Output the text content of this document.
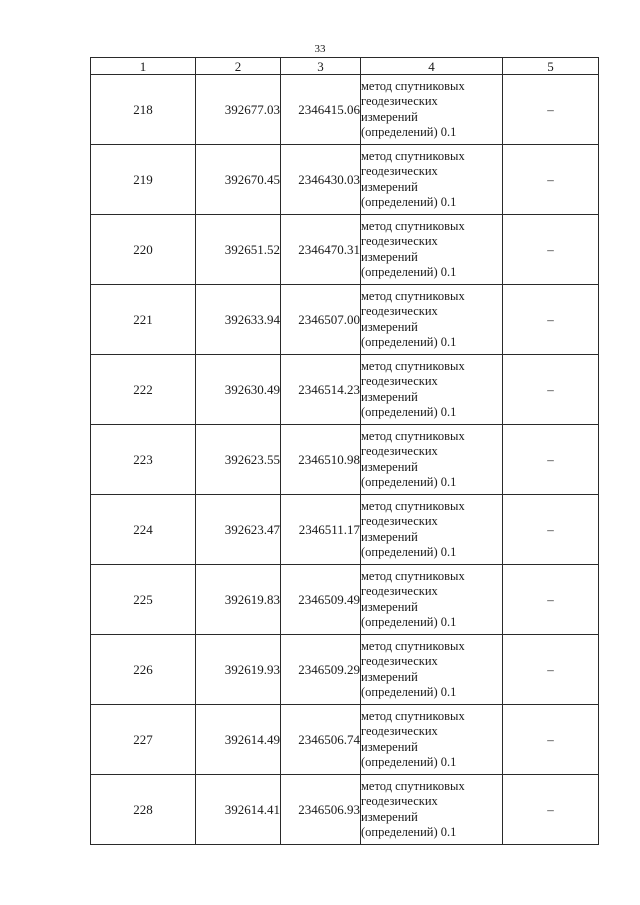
33
1	2	3	4	5
218	392677.03	2346415.06	метод спутниковых
геодезических
измерений
(определений) 0.1	–
219	392670.45	2346430.03	метод спутниковых
геодезических
измерений
(определений) 0.1	–
220	392651.52	2346470.31	метод спутниковых
геодезических
измерений
(определений) 0.1	–
221	392633.94	2346507.00	метод спутниковых
геодезических
измерений
(определений) 0.1	–
222	392630.49	2346514.23	метод спутниковых
геодезических
измерений
(определений) 0.1	–
223	392623.55	2346510.98	метод спутниковых
геодезических
измерений
(определений) 0.1	–
224	392623.47	2346511.17	метод спутниковых
геодезических
измерений
(определений) 0.1	–
225	392619.83	2346509.49	метод спутниковых
геодезических
измерений
(определений) 0.1	–
226	392619.93	2346509.29	метод спутниковых
геодезических
измерений
(определений) 0.1	–
227	392614.49	2346506.74	метод спутниковых
геодезических
измерений
(определений) 0.1	–
228	392614.41	2346506.93	метод спутниковых
геодезических
измерений
(определений) 0.1	–
